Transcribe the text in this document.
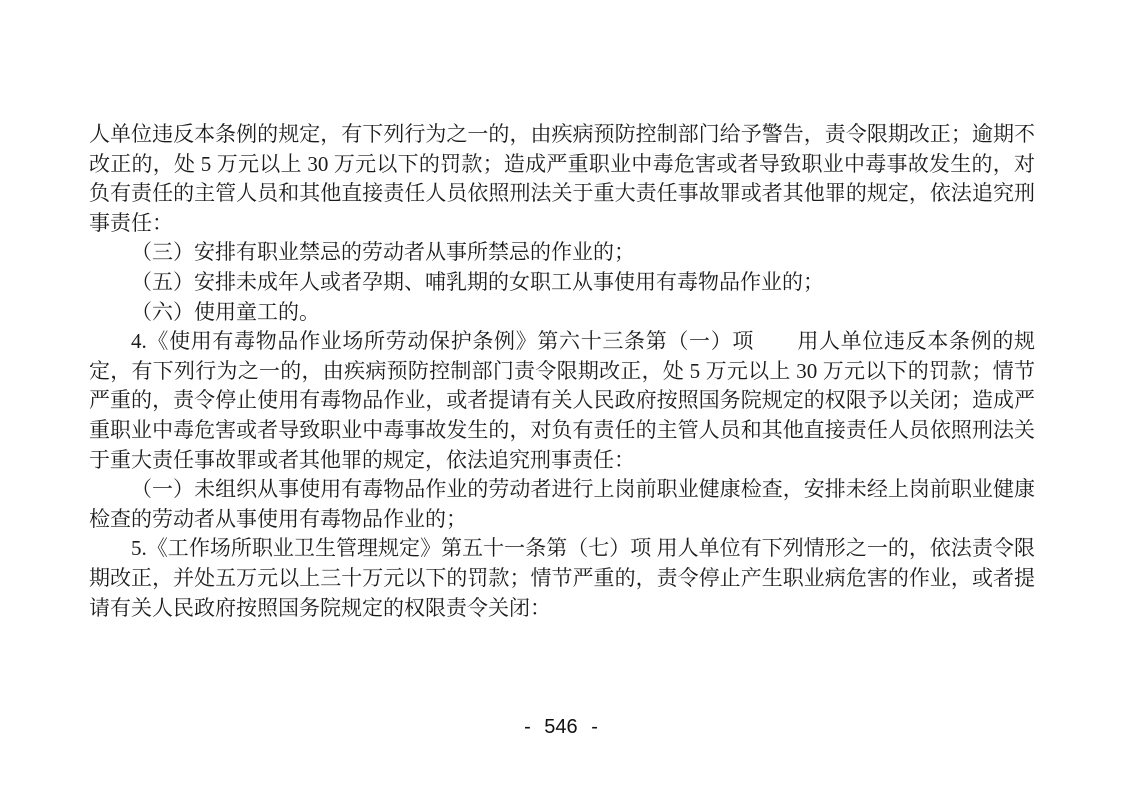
人单位违反本条例的规定，有下列行为之一的，由疾病预防控制部门给予警告，责令限期改正；逾期不改正的，处 5 万元以上 30 万元以下的罚款；造成严重职业中毒危害或者导致职业中毒事故发生的，对负有责任的主管人员和其他直接责任人员依照刑法关于重大责任事故罪或者其他罪的规定，依法追究刑事责任：

（三）安排有职业禁忌的劳动者从事所禁忌的作业的；

（五）安排未成年人或者孕期、哺乳期的女职工从事使用有毒物品作业的；

（六）使用童工的。

4.《使用有毒物品作业场所劳动保护条例》第六十三条第（一）项　　用人单位违反本条例的规定，有下列行为之一的，由疾病预防控制部门责令限期改正，处 5 万元以上 30 万元以下的罚款；情节严重的，责令停止使用有毒物品作业，或者提请有关人民政府按照国务院规定的权限予以关闭；造成严重职业中毒危害或者导致职业中毒事故发生的，对负有责任的主管人员和其他直接责任人员依照刑法关于重大责任事故罪或者其他罪的规定，依法追究刑事责任：

（一）未组织从事使用有毒物品作业的劳动者进行上岗前职业健康检查，安排未经上岗前职业健康检查的劳动者从事使用有毒物品作业的；

5.《工作场所职业卫生管理规定》第五十一条第（七）项 用人单位有下列情形之一的，依法责令限期改正，并处五万元以上三十万元以下的罚款；情节严重的，责令停止产生职业病危害的作业，或者提请有关人民政府按照国务院规定的权限责令关闭：

- 546 -
